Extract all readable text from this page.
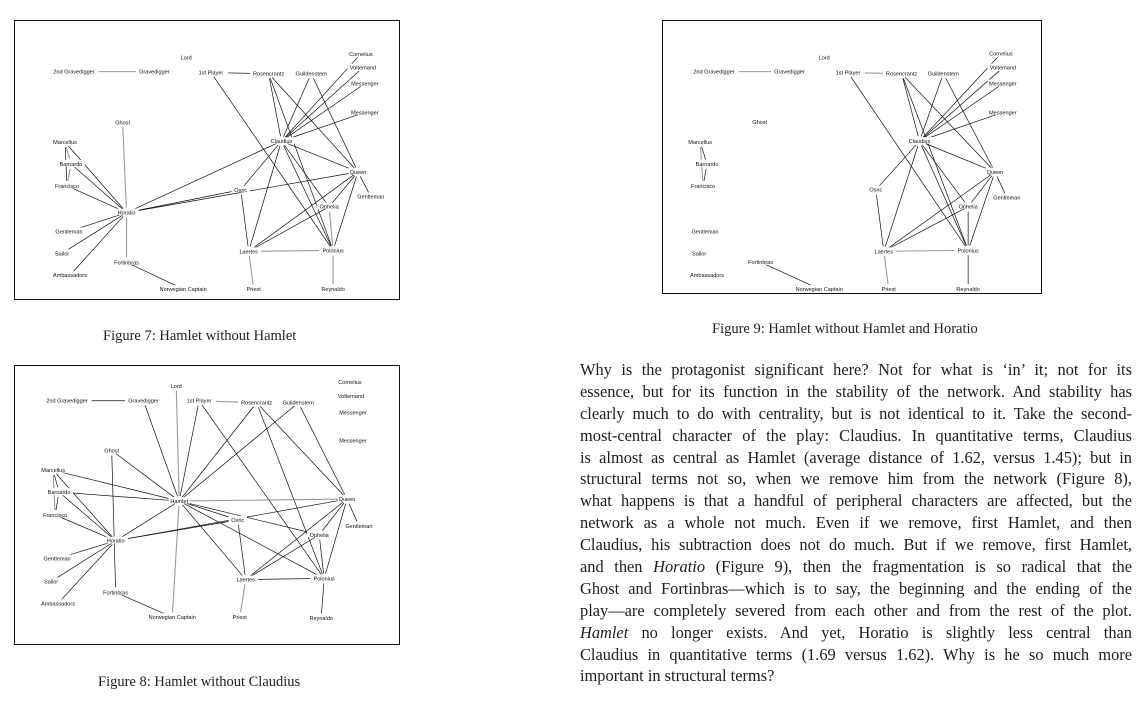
Lord
2nd Gravedigger	Gravedigger	1st Player	Rosencrantz Guildenstern
Cornelius
Voltemand
Messenger
Messenger
Ghost
Marcellus
Barnardo
Francisco
Claudius
Queen
Osric
Gentleman
Ophelia
Horatio
Gentleman
Laertes	Polonius
Sailor
Fortinbras
Ambassadors
Norwegian Captain	Priest	Reynaldo
Figure 7: Hamlet without Hamlet
Lord
2nd Gravedigger	Gravedigger	1st Player	Rosencrantz Guildenstern
Cornelius
Voltemand
Messenger
Messenger
Ghost
Marcellus
Barnardo
Francisco
Claudius
Queen
Osric
Gentleman
Ophelia
Gentleman
Laertes	Polonius
Sailor
Fortinbras
Ambassadors
Norwegian Captain	Priest	Reynaldo
Figure 9: Hamlet without Hamlet and Horatio
Lord
2nd Gravedigger	Gravedigger	1st Player	Rosencrantz Guildenstern
Cornelius
Voltemand
Messenger
Messenger
Ghost
Marcellus
Barnardo
Francisco
Hamlet	Queen
Osric
Gentleman
Ophelia
Horatio
Gentleman
Laertes	Polonius
Sailor
Fortinbras
Ambassadors
Norwegian Captain	Priest	Reynaldo
Figure 8: Hamlet without Claudius
Why is the protagonist significant here? Not for what is ‘in’ it; not for its
essence, but for its function in the stability of the network. And stability has
clearly much to do with centrality, but is not identical to it. Take the second-
most-central character of the play: Claudius. In quantitative terms, Claudius
is almost as central as Hamlet (average distance of 1.62, versus 1.45); but in
structural terms not so, when we remove him from the network (Figure 8),
what happens is that a handful of peripheral characters are affected, but the
network as a whole not much. Even if we remove, first Hamlet, and then
Claudius, his subtraction does not do much. But if we remove, first Hamlet,
and then Horatio (Figure 9), then the fragmentation is so radical that the
Ghost and Fortinbras—which is to say, the beginning and the ending of the
play—are completely severed from each other and from the rest of the plot.
Hamlet no longer exists. And yet, Horatio is slightly less central than
Claudius in quantitative terms (1.69 versus 1.62). Why is he so much more
important in structural terms?
